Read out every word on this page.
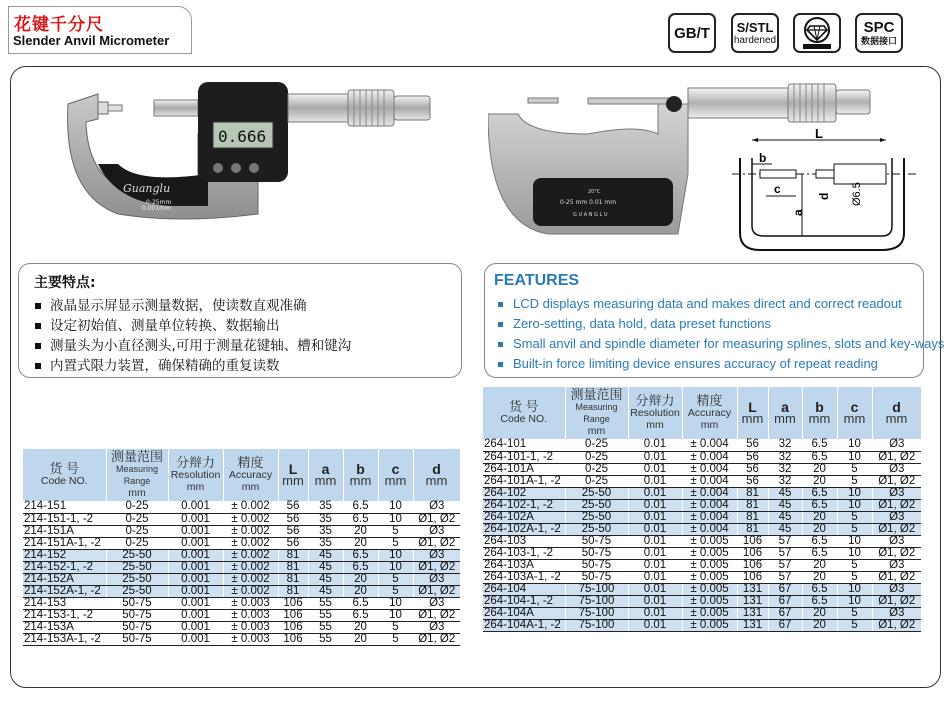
花键千分尺
Slender Anvil Micrometer	GB/T S/STL
hardened
SPC
数据接口
Guanglu
0-25mm
0.001mm
0.666
20°C
0-25 mm 0.01 mm
G U A N G L U
L
b
c
a
d Ø6.5
主要特点:
液晶显示屏显示测量数据，使读数直观准确
设定初始值、测量单位转换、数据输出
测量头为小直径测头,可用于测量花键轴、槽和键沟
内置式限力装置，确保精确的重复读数
FEATURES
LCD displays measuring data and makes direct and correct readout
Zero-setting, data hold, data preset functions
Small anvil and spindle diameter for measuring splines, slots and key-ways
Built-in force limiting device ensures accuracy of repeat reading
货 号
Code NO.	测量范围
Measuring Range
mm	分辩力
Resolution
mm	精度
Accuracy
mm	L
mm	a
mm	b
mm	c
mm	d
mm

214-151	0-25	0.001	± 0.002	56	35	6.5	10	Ø3
214-151-1, -2	0-25	0.001	± 0.002	56	35	6.5	10	Ø1, Ø2
214-151A	0-25	0.001	± 0.002	56	35	20	5	Ø3
214-151A-1, -2	0-25	0.001	± 0.002	56	35	20	5	Ø1, Ø2
214-152	25-50	0.001	± 0.002	81	45	6.5	10	Ø3
214-152-1, -2	25-50	0.001	± 0.002	81	45	6.5	10	Ø1, Ø2
214-152A	25-50	0.001	± 0.002	81	45	20	5	Ø3
214-152A-1, -2	25-50	0.001	± 0.002	81	45	20	5	Ø1, Ø2
214-153	50-75	0.001	± 0.003	106	55	6.5	10	Ø3
214-153-1, -2	50-75	0.001	± 0.003	106	55	6.5	10	Ø1, Ø2
214-153A	50-75	0.001	± 0.003	106	55	20	5	Ø3
214-153A-1, -2	50-75	0.001	± 0.003	106	55	20	5	Ø1, Ø2
货 号
Code NO.	测量范围
Measuring Range
mm	分辩力
Resolution
mm	精度
Accuracy
mm	L
mm	a
mm	b
mm	c
mm	d
mm

264-101	0-25	0.01	± 0.004	56	32	6.5	10	Ø3
264-101-1, -2	0-25	0.01	± 0.004	56	32	6.5	10	Ø1, Ø2
264-101A	0-25	0.01	± 0.004	56	32	20	5	Ø3
264-101A-1, -2	0-25	0.01	± 0.004	56	32	20	5	Ø1, Ø2
264-102	25-50	0.01	± 0.004	81	45	6.5	10	Ø3
264-102-1, -2	25-50	0.01	± 0.004	81	45	6.5	10	Ø1, Ø2
264-102A	25-50	0.01	± 0.004	81	45	20	5	Ø3
264-102A-1, -2	25-50	0.01	± 0.004	81	45	20	5	Ø1, Ø2
264-103	50-75	0.01	± 0.005	106	57	6.5	10	Ø3
264-103-1, -2	50-75	0.01	± 0.005	106	57	6.5	10	Ø1, Ø2
264-103A	50-75	0.01	± 0.005	106	57	20	5	Ø3
264-103A-1, -2	50-75	0.01	± 0.005	106	57	20	5	Ø1, Ø2
264-104	75-100	0.01	± 0.005	131	67	6.5	10	Ø3
264-104-1, -2	75-100	0.01	± 0.005	131	67	6.5	10	Ø1, Ø2
264-104A	75-100	0.01	± 0.005	131	67	20	5	Ø3
264-104A-1, -2	75-100	0.01	± 0.005	131	67	20	5	Ø1, Ø2
